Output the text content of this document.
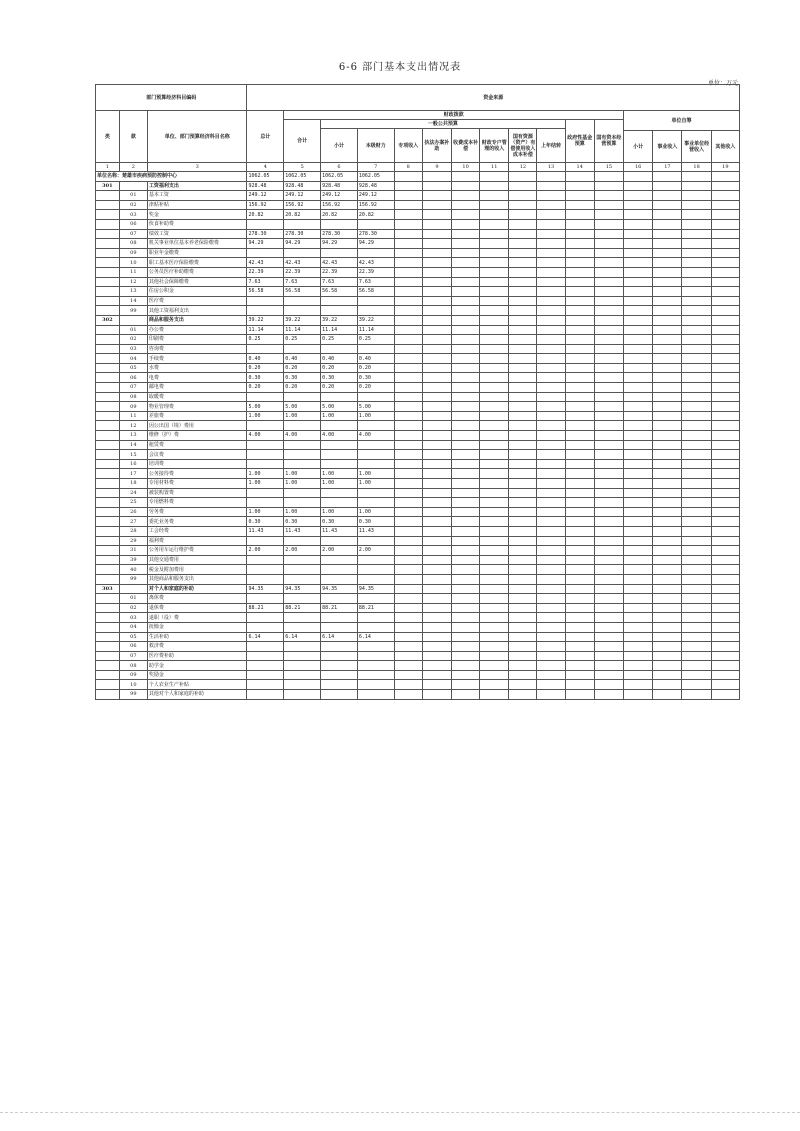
6-6 部门基本支出情况表
单位：万元
部门预算经济科目编码			资金来源															
类	款	单位、部门预算经济科目名称	总计	财政拨款											单位自筹			
				合计	一般公共预算								政府性基金预算	国有资本经营预算				
					小计	本级财力	专项收入	执法办案补助	收费成本补偿	财政专户管理的收入	国有资源（资产）有偿使用收入成本补偿	上年结转						
															小计	事业收入	事业单位经营收入	其他收入
1	2	3	4	5	6	7	8	9	10	11	12	13	14	15	16	17	18	19
单位名称：楚雄市疾病预防控制中心			1062.05	1062.05	1062.05	1062.05												
301		工资福利支出	928.48	928.48	928.48	928.48												
	01	基本工资	249.12	249.12	249.12	249.12												
	02	津贴补贴	156.92	156.92	156.92	156.92												
	03	奖金	20.82	20.82	20.82	20.82												
	06	伙食补助费																
	07	绩效工资	278.30	278.30	278.30	278.30												
	08	机关事业单位基本养老保险缴费	94.29	94.29	94.29	94.29												
	09	职业年金缴费																
	10	职工基本医疗保险缴费	42.43	42.43	42.43	42.43												
	11	公务员医疗补助缴费	22.39	22.39	22.39	22.39												
	12	其他社会保障缴费	7.63	7.63	7.63	7.63												
	13	住房公积金	56.58	56.58	56.58	56.58												
	14	医疗费																
	99	其他工资福利支出																
302		商品和服务支出	39.22	39.22	39.22	39.22												
	01	办公费	11.14	11.14	11.14	11.14												
	02	印刷费	0.25	0.25	0.25	0.25												
	03	咨询费																
	04	手续费	0.40	0.40	0.40	0.40												
	05	水费	0.20	0.20	0.20	0.20												
	06	电费	0.30	0.30	0.30	0.30												
	07	邮电费	0.20	0.20	0.20	0.20												
	08	取暖费																
	09	物业管理费	5.00	5.00	5.00	5.00												
	11	差旅费	1.00	1.00	1.00	1.00												
	12	因公出国（境）费用																
	13	维修（护）费	4.00	4.00	4.00	4.00												
	14	租赁费																
	15	会议费																
	16	培训费																
	17	公务接待费	1.00	1.00	1.00	1.00												
	18	专用材料费	1.00	1.00	1.00	1.00												
	24	被装购置费																
	25	专用燃料费																
	26	劳务费	1.00	1.00	1.00	1.00												
	27	委托业务费	0.30	0.30	0.30	0.30												
	28	工会经费	11.43	11.43	11.43	11.43												
	29	福利费																
	31	公务用车运行维护费	2.00	2.00	2.00	2.00												
	39	其他交通费用																
	40	税金及附加费用																
	99	其他商品和服务支出																
303		对个人和家庭的补助	94.35	94.35	94.35	94.35												
	01	离休费																
	02	退休费	88.21	88.21	88.21	88.21												
	03	退职（役）费																
	04	抚恤金																
	05	生活补助	6.14	6.14	6.14	6.14												
	06	救济费																
	07	医疗费补助																
	08	助学金																
	09	奖励金																
	10	个人农业生产补贴																
	99	其他对个人和家庭的补助																
